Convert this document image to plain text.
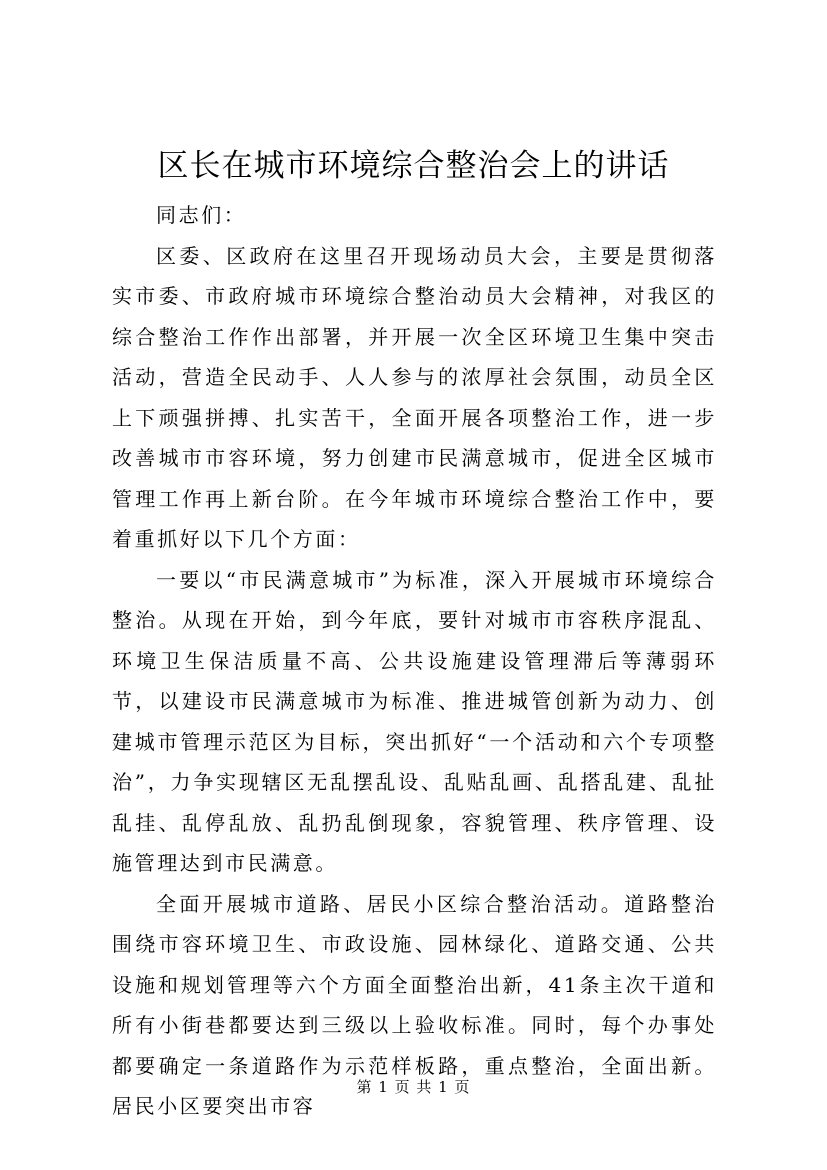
区长在城市环境综合整治会上的讲话

同志们：

区委、区政府在这里召开现场动员大会，主要是贯彻落实市委、市政府城市环境综合整治动员大会精神，对我区的综合整治工作作出部署，并开展一次全区环境卫生集中突击活动，营造全民动手、人人参与的浓厚社会氛围，动员全区上下顽强拼搏、扎实苦干，全面开展各项整治工作，进一步改善城市市容环境，努力创建市民满意城市，促进全区城市管理工作再上新台阶。在今年城市环境综合整治工作中，要着重抓好以下几个方面：

一要以“市民满意城市”为标准，深入开展城市环境综合整治。从现在开始，到今年底，要针对城市市容秩序混乱、环境卫生保洁质量不高、公共设施建设管理滞后等薄弱环节，以建设市民满意城市为标准、推进城管创新为动力、创建城市管理示范区为目标，突出抓好“一个活动和六个专项整治”，力争实现辖区无乱摆乱设、乱贴乱画、乱搭乱建、乱扯乱挂、乱停乱放、乱扔乱倒现象，容貌管理、秩序管理、设施管理达到市民满意。

全面开展城市道路、居民小区综合整治活动。道路整治围绕市容环境卫生、市政设施、园林绿化、道路交通、公共设施和规划管理等六个方面全面整治出新，41条主次干道和所有小街巷都要达到三级以上验收标准。同时，每个办事处都要确定一条道路作为示范样板路，重点整治，全面出新。居民小区要突出市容

第 1 页 共 1 页
